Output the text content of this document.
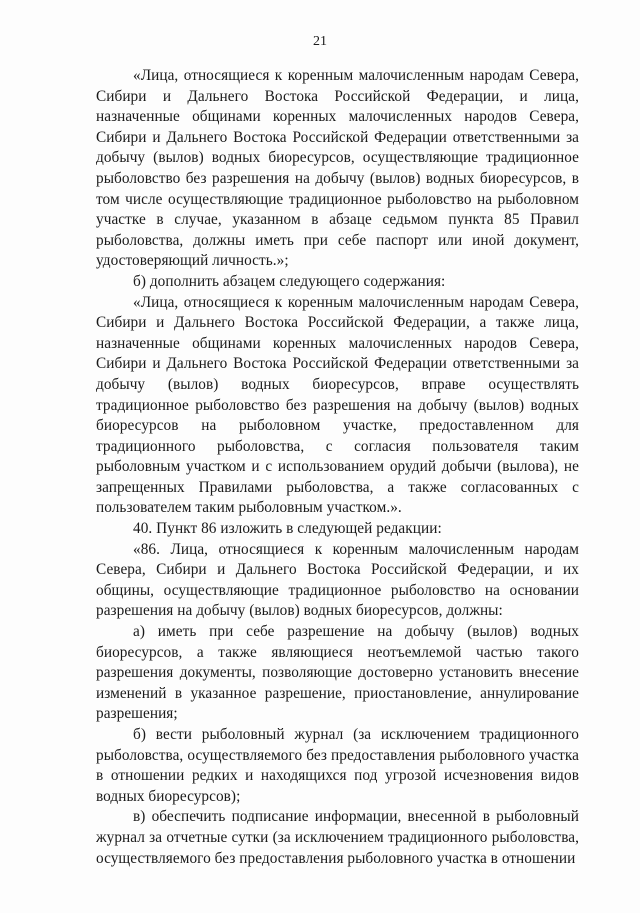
21

«Лица, относящиеся к коренным малочисленным народам Севера, Сибири и Дальнего Востока Российской Федерации, и лица, назначенные общинами коренных малочисленных народов Севера, Сибири и Дальнего Востока Российской Федерации ответственными за добычу (вылов) водных биоресурсов, осуществляющие традиционное рыболовство без разрешения на добычу (вылов) водных биоресурсов, в том числе осуществляющие традиционное рыболовство на рыболовном участке в случае, указанном в абзаце седьмом пункта 85 Правил рыболовства, должны иметь при себе паспорт или иной документ, удостоверяющий личность.»;

б) дополнить абзацем следующего содержания:

«Лица, относящиеся к коренным малочисленным народам Севера, Сибири и Дальнего Востока Российской Федерации, а также лица, назначенные общинами коренных малочисленных народов Севера, Сибири и Дальнего Востока Российской Федерации ответственными за добычу (вылов) водных биоресурсов, вправе осуществлять традиционное рыболовство без разрешения на добычу (вылов) водных биоресурсов на рыболовном участке, предоставленном для традиционного рыболовства, с согласия пользователя таким рыболовным участком и с использованием орудий добычи (вылова), не запрещенных Правилами рыболовства, а также согласованных с пользователем таким рыболовным участком.».

40. Пункт 86 изложить в следующей редакции:

«86. Лица, относящиеся к коренным малочисленным народам Севера, Сибири и Дальнего Востока Российской Федерации, и их общины, осуществляющие традиционное рыболовство на основании разрешения на добычу (вылов) водных биоресурсов, должны:

а) иметь при себе разрешение на добычу (вылов) водных биоресурсов, а также являющиеся неотъемлемой частью такого разрешения документы, позволяющие достоверно установить внесение изменений в указанное разрешение, приостановление, аннулирование разрешения;

б) вести рыболовный журнал (за исключением традиционного рыболовства, осуществляемого без предоставления рыболовного участка в отношении редких и находящихся под угрозой исчезновения видов водных биоресурсов);

в) обеспечить подписание информации, внесенной в рыболовный журнал за отчетные сутки (за исключением традиционного рыболовства, осуществляемого без предоставления рыболовного участка в отношении
